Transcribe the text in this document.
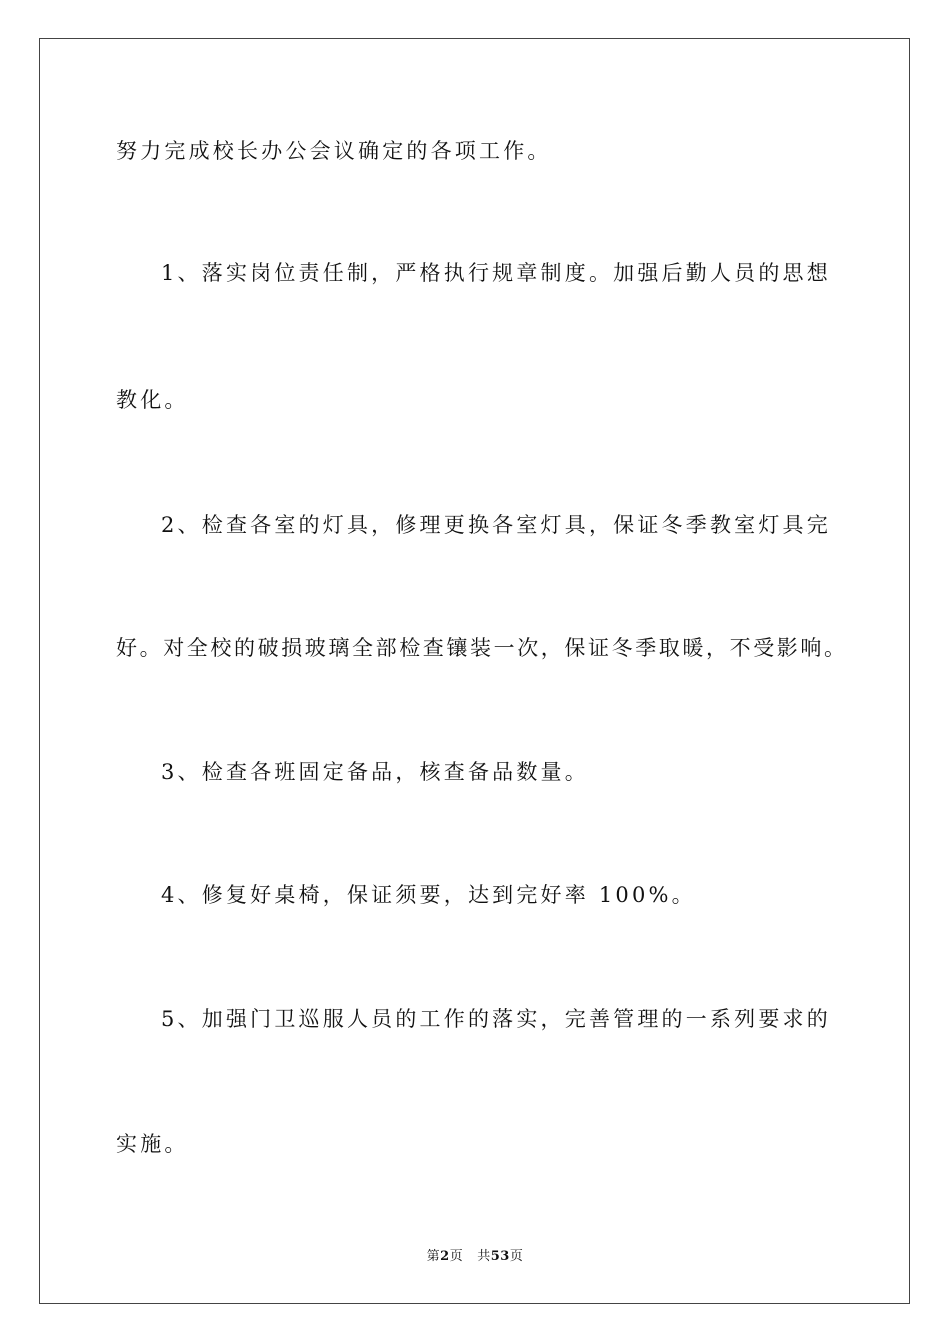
努力完成校长办公会议确定的各项工作。
1、落实岗位责任制，严格执行规章制度。加强后勤人员的思想
教化。
2、检查各室的灯具，修理更换各室灯具，保证冬季教室灯具完
好。对全校的破损玻璃全部检查镶装一次，保证冬季取暖，不受影响。
3、检查各班固定备品，核查备品数量。
4、修复好桌椅，保证须要，达到完好率 100%。
5、加强门卫巡服人员的工作的落实，完善管理的一系列要求的
实施。
第2页 共53页
